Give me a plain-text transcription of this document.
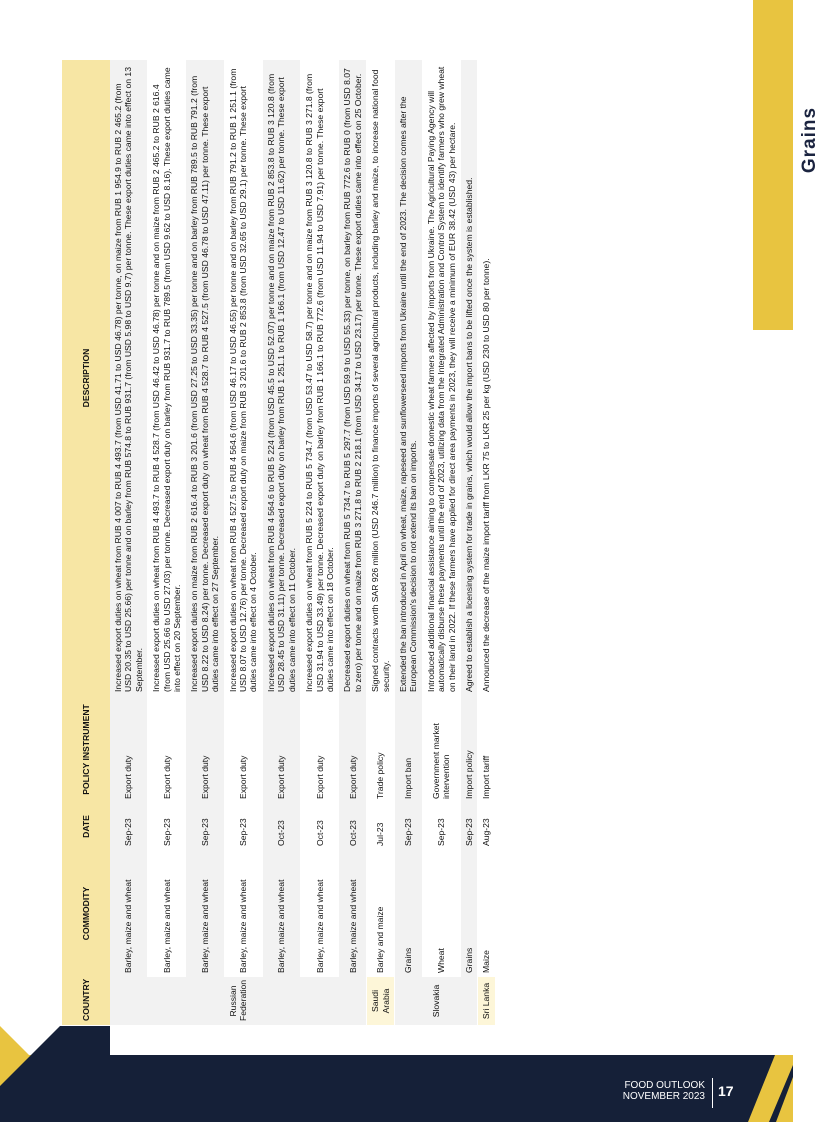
Grains
COUNTRY	COMMODITY	DATE	POLICY INSTRUMENT	DESCRIPTION
Russian Federation	Barley, maize and wheat	Sep-23	Export duty	Increased export duties on wheat from RUB 4 007 to RUB 4 493.7 (from USD 41.71 to USD 46.78) per tonne, on maize from RUB 1 954.9 to RUB 2 465.2 (from USD 20.35 to USD 25.66) per tonne and on barley from RUB 574.8 to RUB 931.7 (from USD 5.98 to USD 9.7) per tonne. These export duties came into effect on 13 September.
	Barley, maize and wheat	Sep-23	Export duty	Increased export duties on wheat from RUB 4 493.7 to RUB 4 528.7 (from USD 46.42 to USD 46.78) per tonne and on maize from RUB 2 465.2 to RUB 2 616.4 (from USD 25.66 to USD 27.03) per tonne. Decreased export duty on barley from RUB 931.7 to RUB 789.5 (from USD 9.62 to USD 8.16). These export duties came into effect on 20 September.
	Barley, maize and wheat	Sep-23	Export duty	Increased export duties on maize from RUB 2 616.4 to RUB 3 201.6 (from USD 27.25 to USD 33.35) per tonne and on barley from RUB 789.5 to RUB 791.2 (from USD 8.22 to USD 8.24) per tonne. Decreased export duty on wheat from RUB 4 528.7 to RUB 4 527.5 (from USD 46.78 to USD 47.11) per tonne. These export duties came into effect on 27 September.
	Barley, maize and wheat	Sep-23	Export duty	Increased export duties on wheat from RUB 4 527.5 to RUB 4 564.6 (from USD 46.17 to USD 46.55) per tonne and on barley from RUB 791.2 to RUB 1 251.1 (from USD 8.07 to USD 12.76) per tonne. Decreased export duty on maize from RUB 3 201.6 to RUB 2 853.8 (from USD 32.65 to USD 29.1) per tonne. These export duties came into effect on 4 October.
	Barley, maize and wheat	Oct-23	Export duty	Increased export duties on wheat from RUB 4 564.6 to RUB 5 224 (from USD 45.5 to USD 52.07) per tonne and on maize from RUB 2 853.8 to RUB 3 120.8 (from USD 28.45 to USD 31.11) per tonne. Decreased export duty on barley from RUB 1 251.1 to RUB 1 166.1 (from USD 12.47 to USD 11.62) per tonne. These export duties came into effect on 11 October.
	Barley, maize and wheat	Oct-23	Export duty	Increased export duties on wheat from RUB 5 224 to RUB 5 734.7 (from USD 53.47 to USD 58.7) per tonne and on maize from RUB 3 120.8 to RUB 3 271.8 (from USD 31.94 to USD 33.49) per tonne. Decreased export duty on barley from RUB 1 166.1 to RUB 772.6 (from USD 11.94 to USD 7.91) per tonne. These export duties came into effect on 18 October.
	Barley, maize and wheat	Oct-23	Export duty	Decreased export duties on wheat from RUB 5 734.7 to RUB 5 297.7 (from USD 59.9 to USD 55.33) per tonne, on barley from RUB 772.6 to RUB 0 (from USD 8.07 to zero) per tonne and on maize from RUB 3 271.8 to RUB 2 218.1 (from USD 34.17 to USD 23.17) per tonne. These export duties came into effect on 25 October.
Saudi Arabia	Barley and maize	Jul-23	Trade policy	Signed contracts worth SAR 926 million (USD 246.7 million) to finance imports of several agricultural products, including barley and maize, to increase national food security.
Slovakia	Grains	Sep-23	Import ban	Extended the ban introduced in April on wheat, maize, rapeseed and sunflowerseed imports from Ukraine until the end of 2023. The decision comes after the European Commission's decision to not extend its ban on imports.
	Wheat	Sep-23	Government market intervention	Introduced additional financial assistance aiming to compensate domestic wheat farmers affected by imports from Ukraine. The Agricultural Paying Agency will automatically disburse these payments until the end of 2023, utilizing data from the Integrated Administration and Control System to identify farmers who grew wheat on their land in 2022. If these farmers have applied for direct area payments in 2023, they will receive a minimum of EUR 38.42 (USD 43) per hectare.
	Grains	Sep-23	Import policy	Agreed to establish a licensing system for trade in grains, which would allow the import bans to be lifted once the system is established.
Sri Lanka	Maize	Aug-23	Import tariff	Announced the decrease of the maize import tariff from LKR 75 to LKR 25 per kg (USD 230 to USD 80 per tonne).
FOOD OUTLOOK
NOVEMBER 2023 17
